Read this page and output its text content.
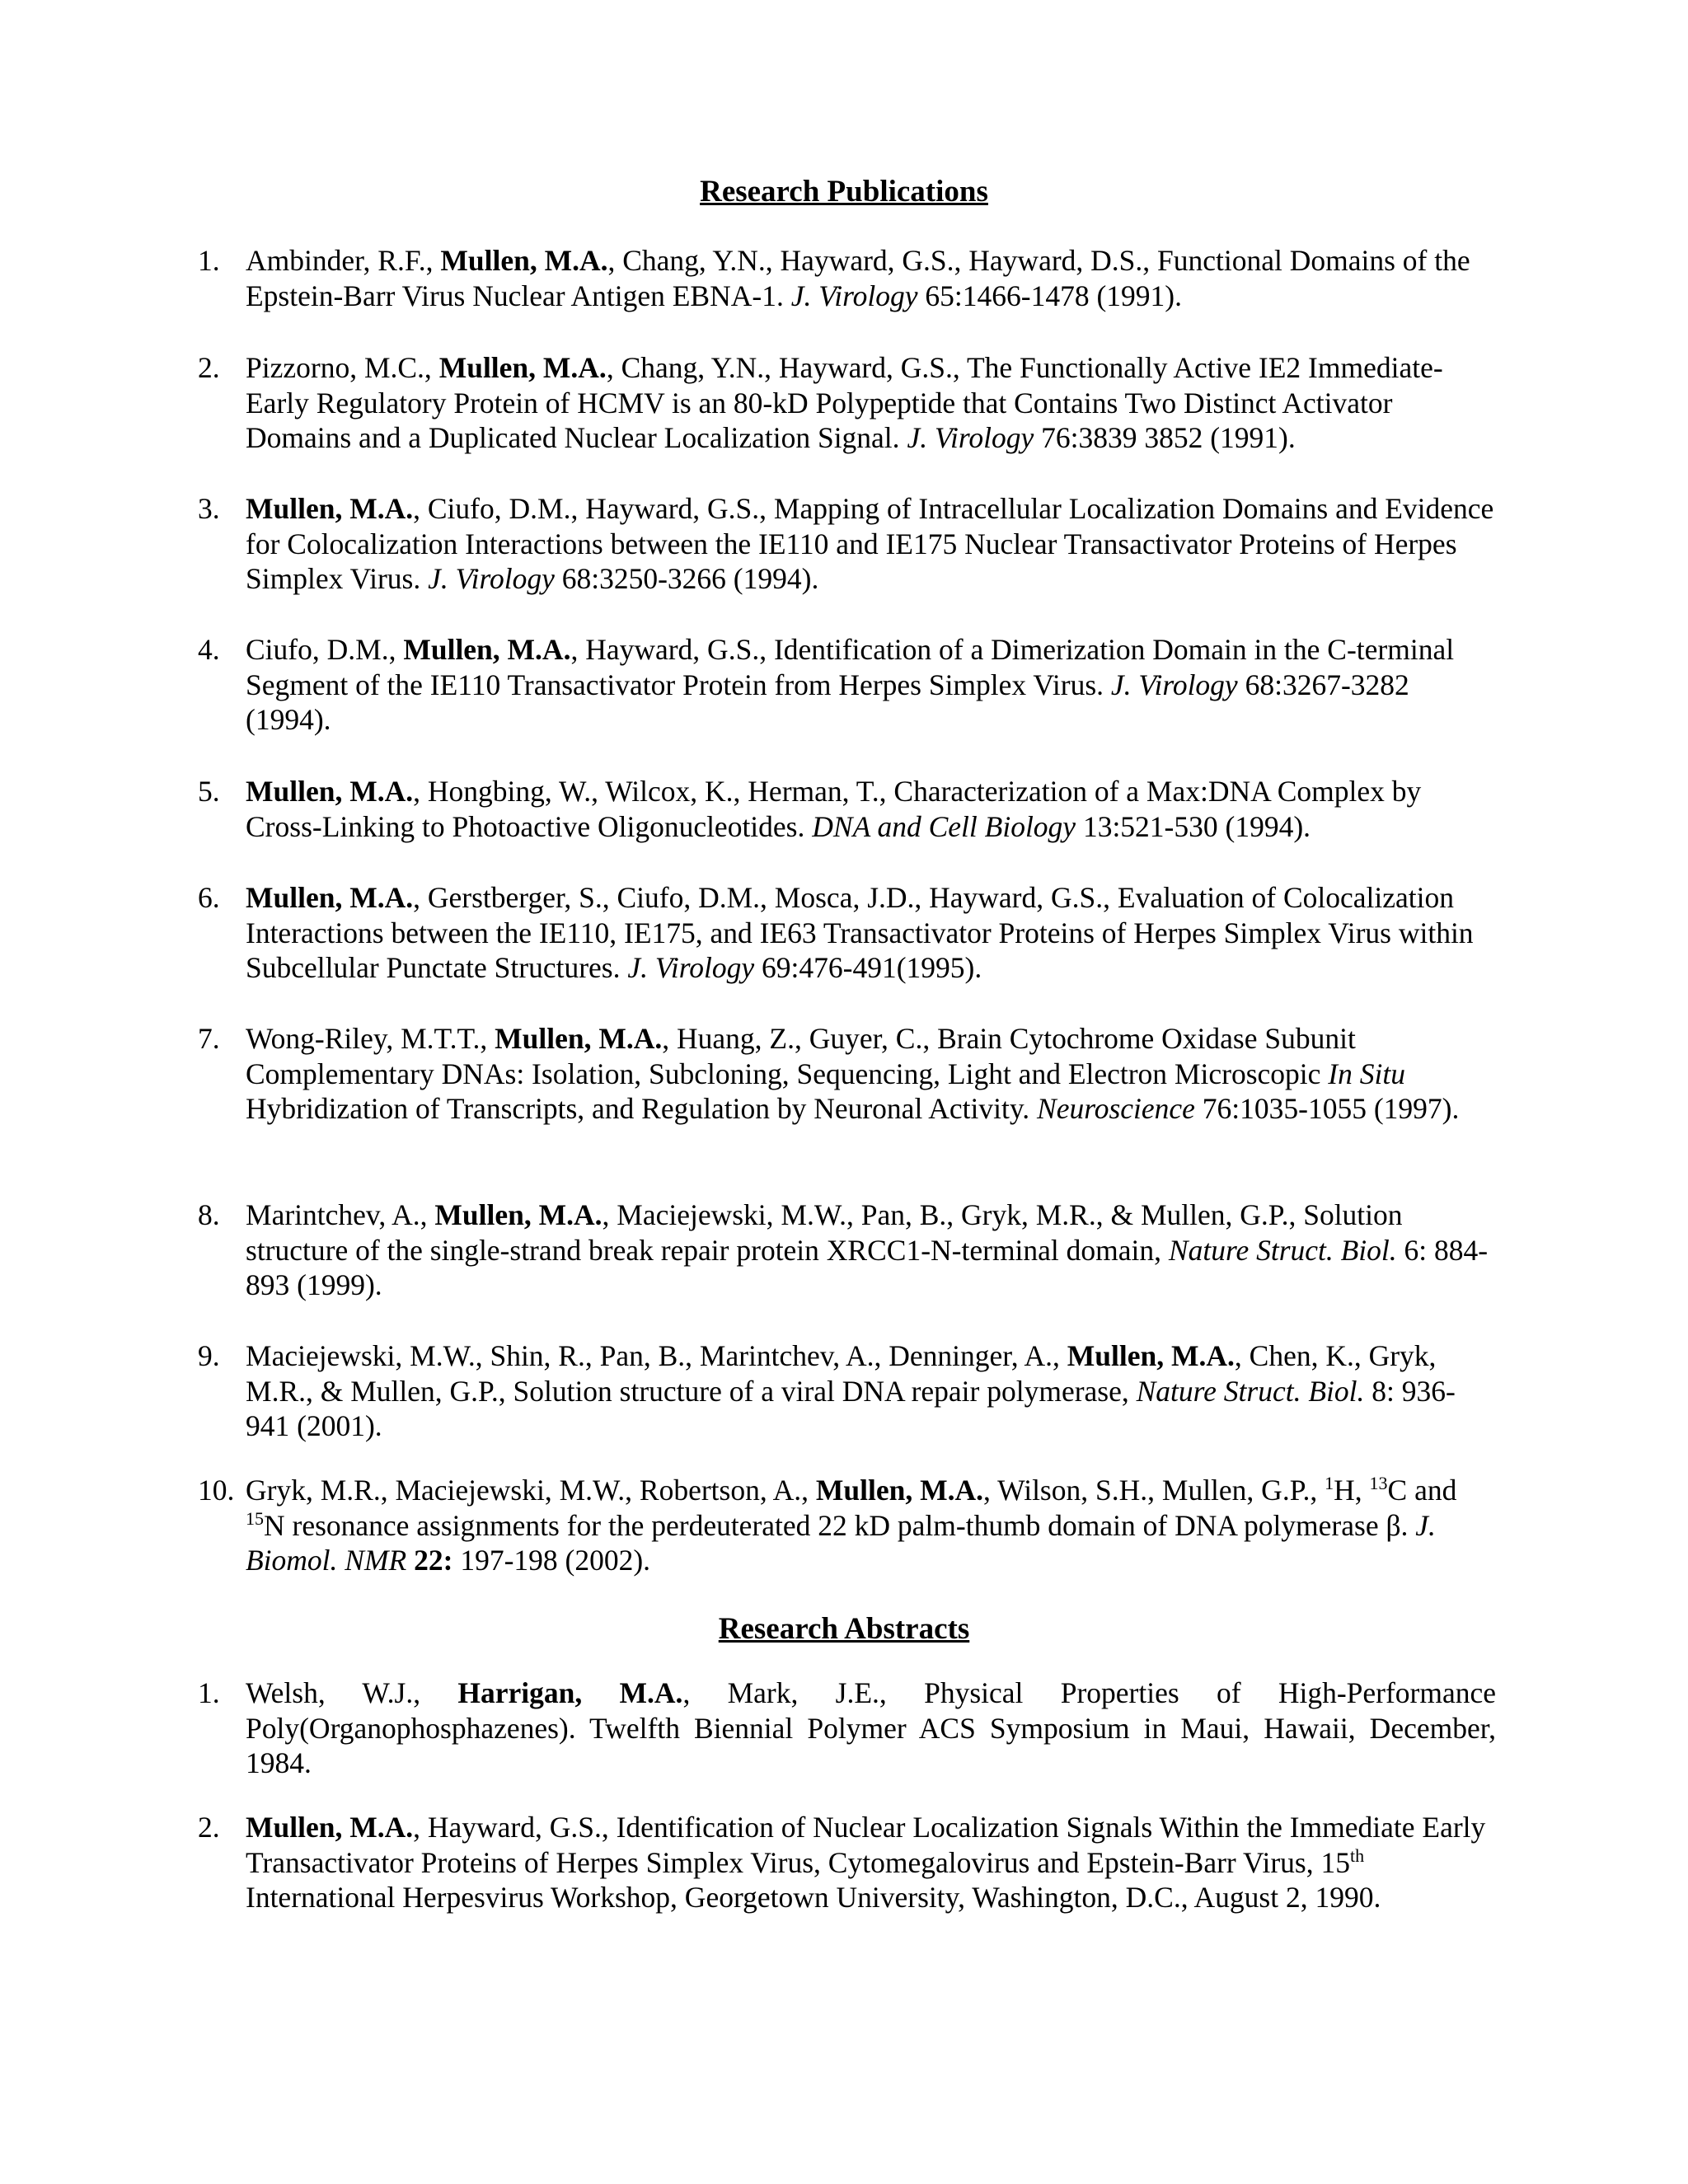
Research Publications
1. Ambinder, R.F., Mullen, M.A., Chang, Y.N., Hayward, G.S., Hayward, D.S., Functional Domains of the Epstein-Barr Virus Nuclear Antigen EBNA-1. J. Virology 65:1466-1478 (1991).
2. Pizzorno, M.C., Mullen, M.A., Chang, Y.N., Hayward, G.S., The Functionally Active IE2 Immediate-Early Regulatory Protein of HCMV is an 80-kD Polypeptide that Contains Two Distinct Activator Domains and a Duplicated Nuclear Localization Signal. J. Virology 76:3839 3852 (1991).
3. Mullen, M.A., Ciufo, D.M., Hayward, G.S., Mapping of Intracellular Localization Domains and Evidence for Colocalization Interactions between the IE110 and IE175 Nuclear Transactivator Proteins of Herpes Simplex Virus. J. Virology 68:3250-3266 (1994).
4. Ciufo, D.M., Mullen, M.A., Hayward, G.S., Identification of a Dimerization Domain in the C-terminal Segment of the IE110 Transactivator Protein from Herpes Simplex Virus. J. Virology 68:3267-3282 (1994).
5. Mullen, M.A., Hongbing, W., Wilcox, K., Herman, T., Characterization of a Max:DNA Complex by Cross-Linking to Photoactive Oligonucleotides. DNA and Cell Biology 13:521-530 (1994).
6. Mullen, M.A., Gerstberger, S., Ciufo, D.M., Mosca, J.D., Hayward, G.S., Evaluation of Colocalization Interactions between the IE110, IE175, and IE63 Transactivator Proteins of Herpes Simplex Virus within Subcellular Punctate Structures. J. Virology 69:476-491(1995).
7. Wong-Riley, M.T.T., Mullen, M.A., Huang, Z., Guyer, C., Brain Cytochrome Oxidase Subunit Complementary DNAs: Isolation, Subcloning, Sequencing, Light and Electron Microscopic In Situ Hybridization of Transcripts, and Regulation by Neuronal Activity. Neuroscience 76:1035-1055 (1997).
8. Marintchev, A., Mullen, M.A., Maciejewski, M.W., Pan, B., Gryk, M.R., & Mullen, G.P., Solution structure of the single-strand break repair protein XRCC1-N-terminal domain, Nature Struct. Biol. 6: 884-893 (1999).
9. Maciejewski, M.W., Shin, R., Pan, B., Marintchev, A., Denninger, A., Mullen, M.A., Chen, K., Gryk, M.R., & Mullen, G.P., Solution structure of a viral DNA repair polymerase, Nature Struct. Biol. 8: 936-941 (2001).
10. Gryk, M.R., Maciejewski, M.W., Robertson, A., Mullen, M.A., Wilson, S.H., Mullen, G.P., $^1$H, $^{13}$C and $^{15}$N resonance assignments for the perdeuterated 22 kD palm-thumb domain of DNA polymerase β. J. Biomol. NMR 22: 197-198 (2002).
Research Abstracts
1. Welsh, W.J., Harrigan, M.A., Mark, J.E., Physical Properties of High-Performance Poly(Organophosphazenes). Twelfth Biennial Polymer ACS Symposium in Maui, Hawaii, December, 1984.
2. Mullen, M.A., Hayward, G.S., Identification of Nuclear Localization Signals Within the Immediate Early Transactivator Proteins of Herpes Simplex Virus, Cytomegalovirus and Epstein-Barr Virus, 15th International Herpesvirus Workshop, Georgetown University, Washington, D.C., August 2, 1990.
